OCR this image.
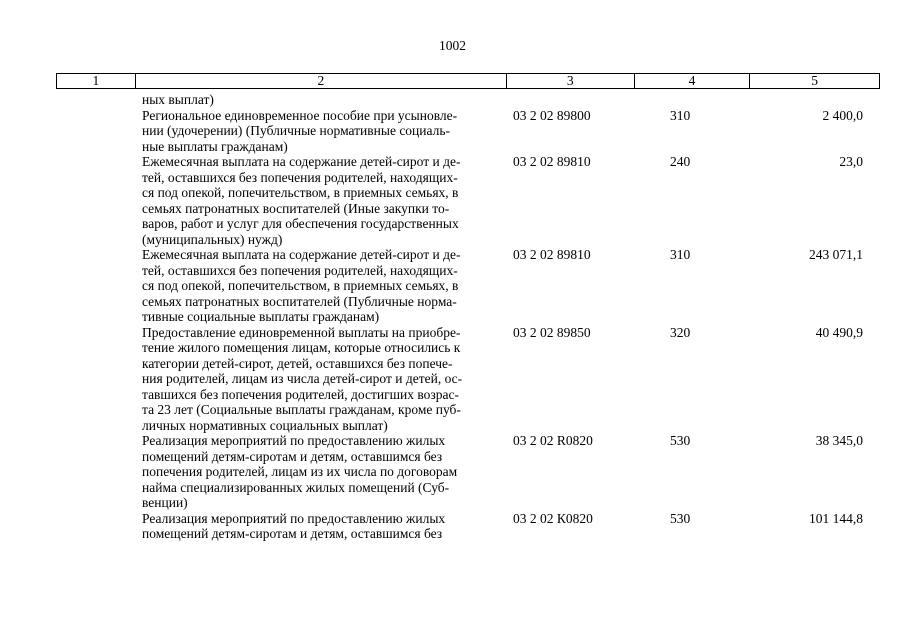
1002
1	2	3	4	5
ных выплат)
Региональное единовременное пособие при усыновле-
нии (удочерении) (Публичные нормативные социаль-
ные выплаты гражданам)
03 2 02 89800	310	2 400,0
Ежемесячная выплата на содержание детей-сирот и де-
тей, оставшихся без попечения родителей, находящих-
ся под опекой, попечительством, в приемных семьях, в
семьях патронатных воспитателей (Иные закупки то-
варов, работ и услуг для обеспечения государственных
(муниципальных) нужд)
03 2 02 89810	240	23,0
Ежемесячная выплата на содержание детей-сирот и де-
тей, оставшихся без попечения родителей, находящих-
ся под опекой, попечительством, в приемных семьях, в
семьях патронатных воспитателей (Публичные норма-
тивные социальные выплаты гражданам)
03 2 02 89810	310	243 071,1
Предоставление единовременной выплаты на приобре-
тение жилого помещения лицам, которые относились к
категории детей-сирот, детей, оставшихся без попече-
ния родителей, лицам из числа детей-сирот и детей, ос-
тавшихся без попечения родителей, достигших возрас-
та 23 лет (Социальные выплаты гражданам, кроме пуб-
личных нормативных социальных выплат)
03 2 02 89850	320	40 490,9
Реализация мероприятий по предоставлению жилых
помещений детям-сиротам и детям, оставшимся без
попечения родителей, лицам из их числа по договорам
найма специализированных жилых помещений (Суб-
венции)
03 2 02 R0820	530	38 345,0
Реализация мероприятий по предоставлению жилых
помещений детям-сиротам и детям, оставшимся без
03 2 02 К0820	530	101 144,8
